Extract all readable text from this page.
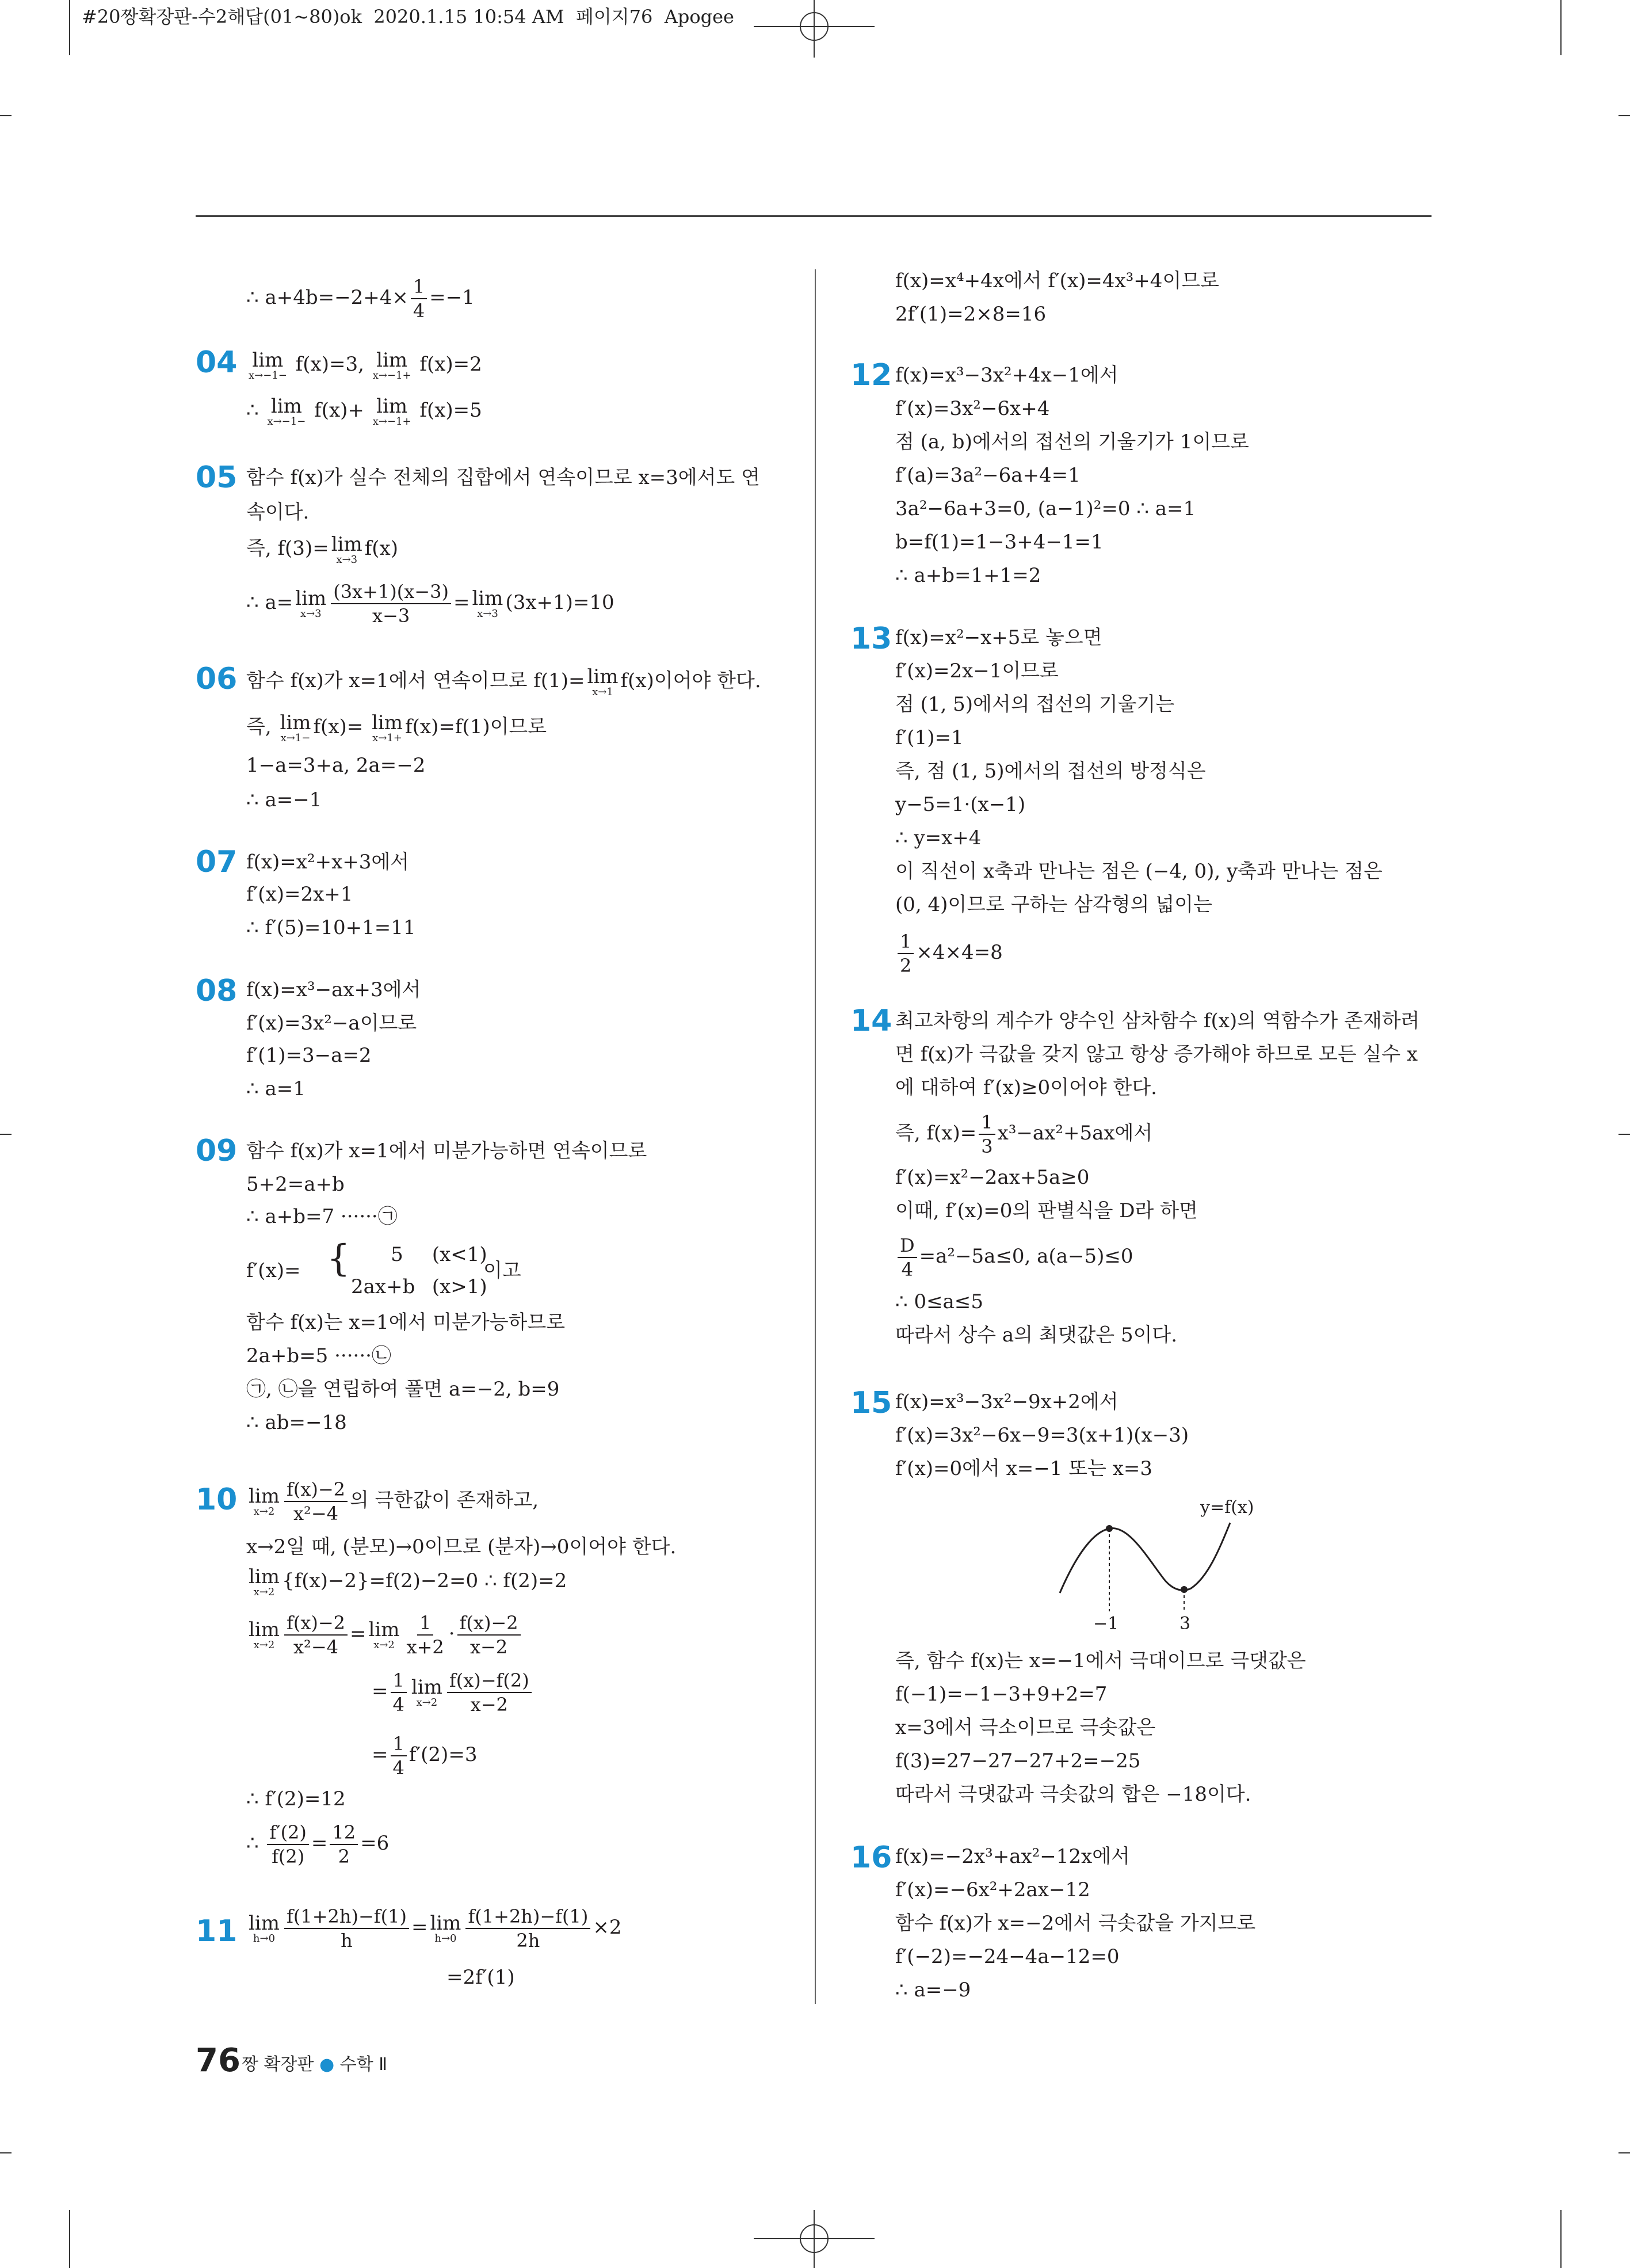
#20짱확장판-수2해답(01~80)ok 2020.1.15 10:54 AM 페이지76 Apogee
∴ $a+4b=-2+4\times \frac{1}{4} =-1$
04 lim
x→−1− f(x)=3, lim
x→−1+ f(x)=2
∴ lim
x→−1− f(x)+ lim
x→−1+ f(x)=5
05 함수 f(x)가 실수 전체의 집합에서 연속이므로 x=3에서도 연
속이다.
즉, f(3)= lim
x→3 f(x)
∴ a= lim
$x\to 3 \frac{(3x+1)(x-3)}{x-3} = \lim$
x→3 (3x+1)=10
06 함수 f(x)가 x=1에서 연속이므로 f(1)= lim
x→1 f(x)이어야 한다.
즉, lim
x→1− f(x)= lim
x→1+ f(x)=f(1)이므로
1−a=3+a, 2a=−2
∴ a=−1
07 f(x)=x²+x+3에서
f′(x)=2x+1
∴ f′(5)=10+1=11
08 f(x)=x³−ax+3에서
f′(x)=3x²−a이므로
f′(1)=3−a=2
∴ a=1
09 함수 f(x)가 x=1에서 미분가능하면 연속이므로
5+2=a+b
∴ a+b=7 ······㉠
f′(x)= {	5 (x<1)
2ax+b (x>1)
이고
함수 f(x)는 x=1에서 미분가능하므로
2a+b=5 ······㉡
㉠, ㉡을 연립하여 풀면 a=−2, b=9
∴ ab=−18
10 lim
$x\to 2 \frac{f(x)-2}{\text{x²−4}}$ 의 극한값이 존재하고,
x→2일 때, (분모)→0이므로 (분자)→0이어야 한다.
lim
x→2 {f(x)−2}=f(2)−2=0 ∴ f(2)=2
lim
$x\to 2 \frac{f(x)-2}{\text{x²−4}} = \lim$
$x\to 2 \frac{1}{x+2} \cdot \frac{f(x)-2}{x-2}$
= $\frac{1}{4}$ lim
$x\to 2 \frac{f(x)-f(2)}{x-2}$
= $\frac{1}{4} f'(2)=3$
∴ f′(2)=12
∴ $\frac{f'(2)}{f(2)} = \frac{12}{2} =6$
11 lim
$h\to 0 \frac{f(1+2h)-f(1)}{h} = \lim$
$h\to 0 \frac{f(1+2h)-f(1)}{2h} \times 2$
=2f′(1)
f(x)=x⁴+4x에서 f′(x)=4x³+4이므로
2f′(1)=2×8=16
12 f(x)=x³−3x²+4x−1에서
f′(x)=3x²−6x+4
점 (a, b)에서의 접선의 기울기가 1이므로
f′(a)=3a²−6a+4=1
3a²−6a+3=0, (a−1)²=0 ∴ a=1
b=f(1)=1−3+4−1=1
∴ a+b=1+1=2
13 f(x)=x²−x+5로 놓으면
f′(x)=2x−1이므로
점 (1, 5)에서의 접선의 기울기는
f′(1)=1
즉, 점 (1, 5)에서의 접선의 방정식은
y−5=1·(x−1)
∴ y=x+4
이 직선이 x축과 만나는 점은 (−4, 0), y축과 만나는 점은
(0, 4)이므로 구하는 삼각형의 넓이는
$\frac{1}{2} \times 4\times 4=8$
14 최고차항의 계수가 양수인 삼차함수 f(x)의 역함수가 존재하려
면 f(x)가 극값을 갖지 않고 항상 증가해야 하므로 모든 실수 x
에 대하여 f′(x)≥0이어야 한다.
즉, $f(x)= \frac{1}{3} x^3-ax^2+5ax$에서
f′(x)=x²−2ax+5a≥0
이때, f′(x)=0의 판별식을 D라 하면
$\frac{D}{4} =a^2-5a\le 0$, a(a−5)≤0
∴ 0≤a≤5
따라서 상수 a의 최댓값은 5이다.
15 f(x)=x³−3x²−9x+2에서
f′(x)=3x²−6x−9=3(x+1)(x−3)
f′(x)=0에서 x=−1 또는 x=3
y=f(x)
−1	3
즉, 함수 f(x)는 x=−1에서 극대이므로 극댓값은
f(−1)=−1−3+9+2=7
x=3에서 극소이므로 극솟값은
f(3)=27−27−27+2=−25
따라서 극댓값과 극솟값의 합은 −18이다.
16 f(x)=−2x³+ax²−12x에서
f′(x)=−6x²+2ax−12
함수 f(x)가 x=−2에서 극솟값을 가지므로
f′(−2)=−24−4a−12=0
∴ a=−9
76 짱 확장판 ● 수학 Ⅱ
